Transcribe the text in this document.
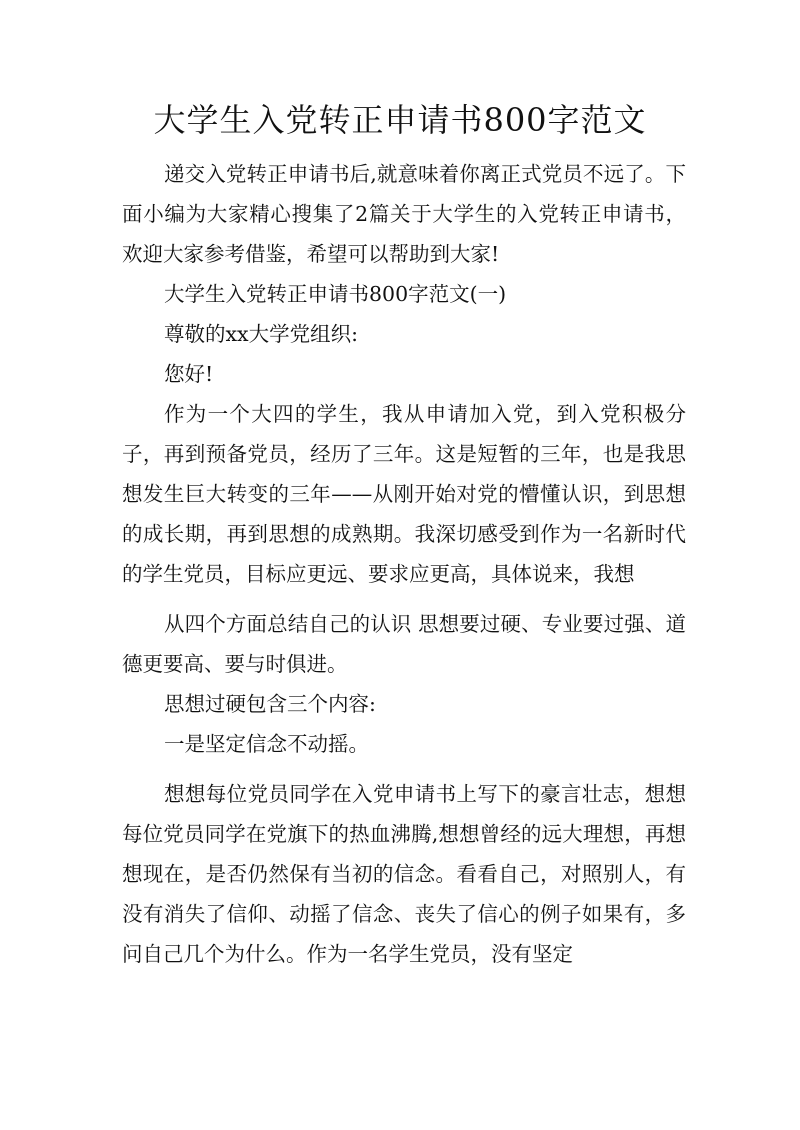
大学生入党转正申请书800字范文

递交入党转正申请书后,就意味着你离正式党员不远了。下面小编为大家精心搜集了2篇关于大学生的入党转正申请书，欢迎大家参考借鉴，希望可以帮助到大家!

大学生入党转正申请书800字范文(一)

尊敬的xx大学党组织:

您好!

作为一个大四的学生，我从申请加入党，到入党积极分子，再到预备党员，经历了三年。这是短暂的三年，也是我思想发生巨大转变的三年——从刚开始对党的懵懂认识，到思想的成长期，再到思想的成熟期。我深切感受到作为一名新时代的学生党员，目标应更远、要求应更高，具体说来，我想

从四个方面总结自己的认识 思想要过硬、专业要过强、道德更要高、要与时俱进。

思想过硬包含三个内容:

一是坚定信念不动摇。

想想每位党员同学在入党申请书上写下的豪言壮志，想想每位党员同学在党旗下的热血沸腾,想想曾经的远大理想，再想想现在，是否仍然保有当初的信念。看看自己，对照别人，有没有消失了信仰、动摇了信念、丧失了信心的例子如果有，多问自己几个为什么。作为一名学生党员，没有坚定
